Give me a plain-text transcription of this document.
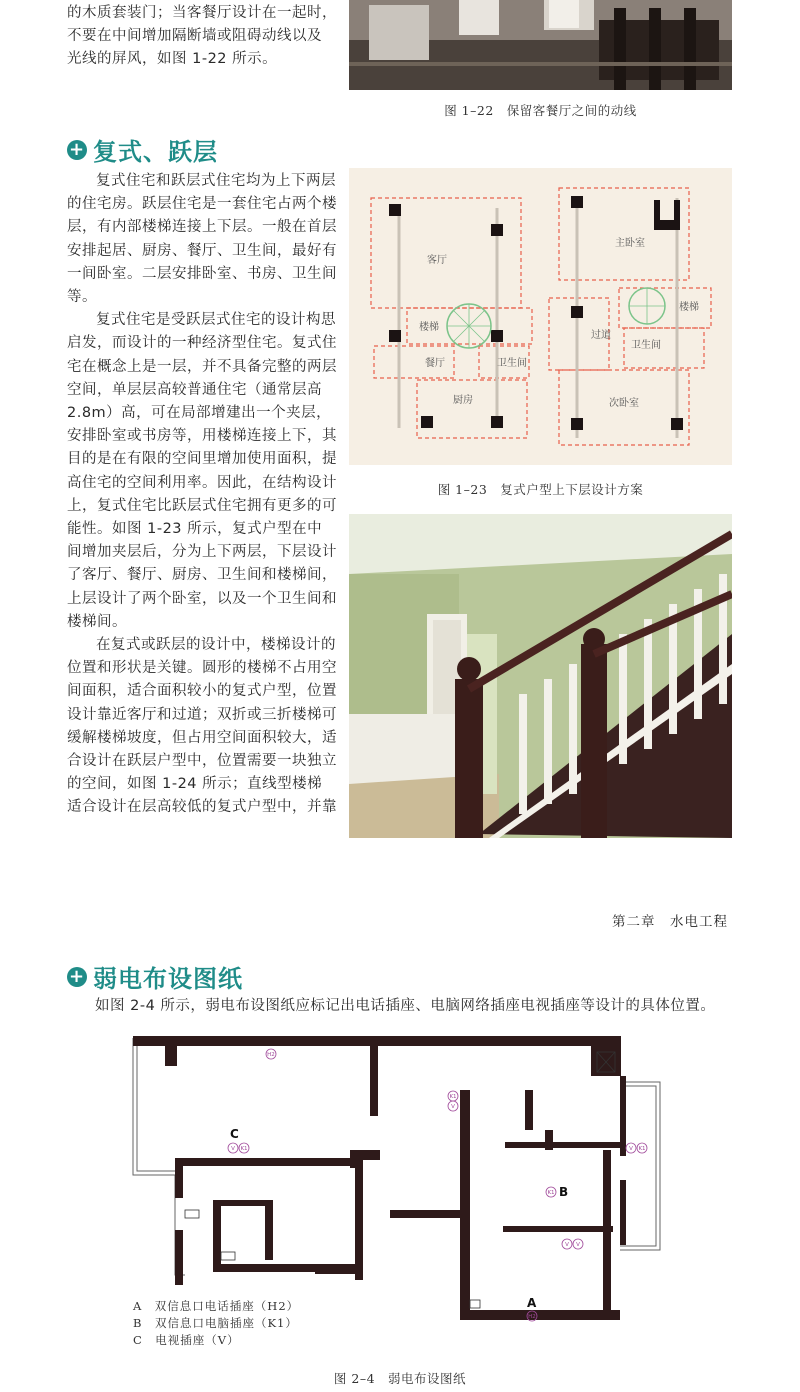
的木质套装门；当客餐厅设计在一起时，

不要在中间增加隔断墙或阻碍动线以及

光线的屏风，如图 1-22 所示。

图 1–22　保留客餐厅之间的动线
+ 复式、跃层

复式住宅和跃层式住宅均为上下两层的住宅房。跃层住宅是一套住宅占两个楼层，有内部楼梯连接上下层。一般在首层安排起居、厨房、餐厅、卫生间，最好有一间卧室。二层安排卧室、书房、卫生间等。

复式住宅是受跃层式住宅的设计构思启发，而设计的一种经济型住宅。复式住宅在概念上是一层，并不具备完整的两层空间，单层层高较普通住宅（通常层高 2.8m）高，可在局部增建出一个夹层，安排卧室或书房等，用楼梯连接上下，其目的是在有限的空间里增加使用面积，提高住宅的空间利用率。因此，在结构设计上，复式住宅比跃层式住宅拥有更多的可能性。如图 1-23 所示，复式户型在中间增加夹层后，分为上下两层，下层设计了客厅、餐厅、厨房、卫生间和楼梯间，上层设计了两个卧室，以及一个卫生间和楼梯间。

在复式或跃层的设计中，楼梯设计的位置和形状是关键。圆形的楼梯不占用空间面积，适合面积较小的复式户型，位置设计靠近客厅和过道；双折或三折楼梯可缓解楼梯坡度，但占用空间面积较大，适合设计在跃层户型中，位置需要一块独立的空间，如图 1-24 所示；直线型楼梯适合设计在层高较低的复式户型中，并靠

客厅
楼梯
餐厅	卫生间
厨房
主卧室
楼梯
过道
卫生间
次卧室
图 1–23　复式户型上下层设计方案
第二章　水电工程
+ 弱电布设图纸

如图 2-4 所示，弱电布设图纸应标记出电话插座、电脑网络插座电视插座等设计的具体位置。

C
B
A
H2
V K1
K1
V
V K1
K1
V V
H2
A　双信息口电话插座（H2）
B　双信息口电脑插座（K1）
C　电视插座（V）
图 2–4　弱电布设图纸
